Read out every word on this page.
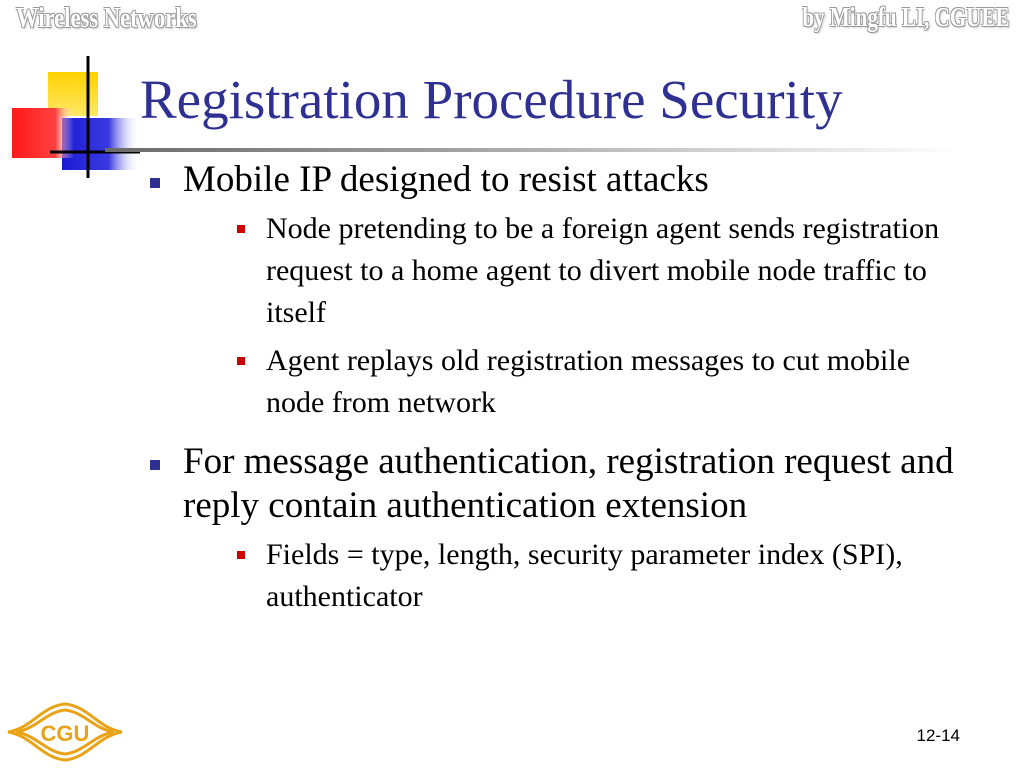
Wireless Networks	by Mingfu LI, CGUEE
Registration Procedure Security
Mobile IP designed to resist attacks
Node pretending to be a foreign agent sends registration request to a home agent to divert mobile node traffic to itself
Agent replays old registration messages to cut mobile node from network
For message authentication, registration request and reply contain authentication extension
Fields = type, length, security parameter index (SPI), authenticator
CGU	12-14
